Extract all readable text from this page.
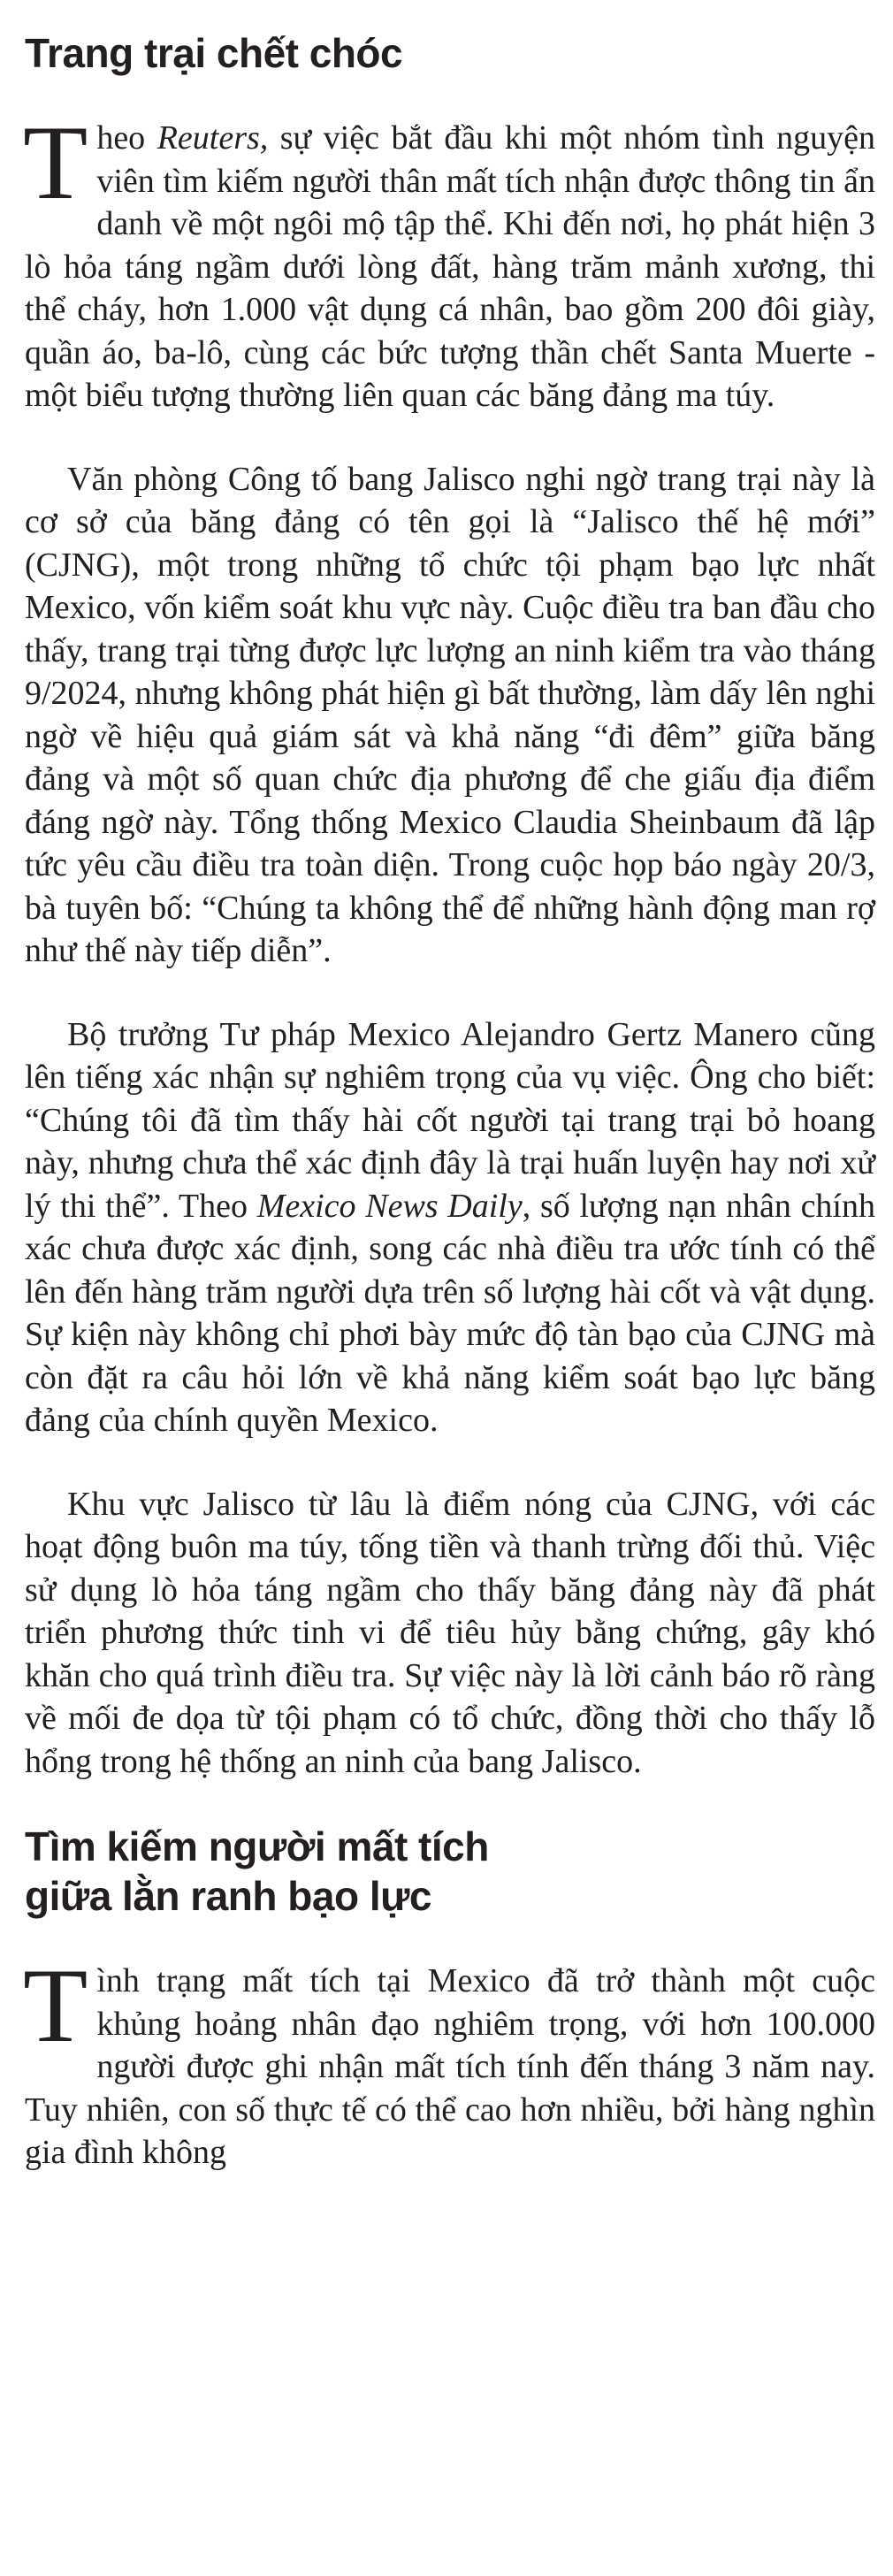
Trang trại chết chóc

Theo Reuters, sự việc bắt đầu khi một nhóm tình nguyện viên tìm kiếm người thân mất tích nhận được thông tin ẩn danh về một ngôi mộ tập thể. Khi đến nơi, họ phát hiện 3 lò hỏa táng ngầm dưới lòng đất, hàng trăm mảnh xương, thi thể cháy, hơn 1.000 vật dụng cá nhân, bao gồm 200 đôi giày, quần áo, ba-lô, cùng các bức tượng thần chết Santa Muerte - một biểu tượng thường liên quan các băng đảng ma túy.

Văn phòng Công tố bang Jalisco nghi ngờ trang trại này là cơ sở của băng đảng có tên gọi là “Jalisco thế hệ mới” (CJNG), một trong những tổ chức tội phạm bạo lực nhất Mexico, vốn kiểm soát khu vực này. Cuộc điều tra ban đầu cho thấy, trang trại từng được lực lượng an ninh kiểm tra vào tháng 9/2024, nhưng không phát hiện gì bất thường, làm dấy lên nghi ngờ về hiệu quả giám sát và khả năng “đi đêm” giữa băng đảng và một số quan chức địa phương để che giấu địa điểm đáng ngờ này. Tổng thống Mexico Claudia Sheinbaum đã lập tức yêu cầu điều tra toàn diện. Trong cuộc họp báo ngày 20/3, bà tuyên bố: “Chúng ta không thể để những hành động man rợ như thế này tiếp diễn”.

Bộ trưởng Tư pháp Mexico Alejandro Gertz Manero cũng lên tiếng xác nhận sự nghiêm trọng của vụ việc. Ông cho biết: “Chúng tôi đã tìm thấy hài cốt người tại trang trại bỏ hoang này, nhưng chưa thể xác định đây là trại huấn luyện hay nơi xử lý thi thể”. Theo Mexico News Daily, số lượng nạn nhân chính xác chưa được xác định, song các nhà điều tra ước tính có thể lên đến hàng trăm người dựa trên số lượng hài cốt và vật dụng. Sự kiện này không chỉ phơi bày mức độ tàn bạo của CJNG mà còn đặt ra câu hỏi lớn về khả năng kiểm soát bạo lực băng đảng của chính quyền Mexico.

Khu vực Jalisco từ lâu là điểm nóng của CJNG, với các hoạt động buôn ma túy, tống tiền và thanh trừng đối thủ. Việc sử dụng lò hỏa táng ngầm cho thấy băng đảng này đã phát triển phương thức tinh vi để tiêu hủy bằng chứng, gây khó khăn cho quá trình điều tra. Sự việc này là lời cảnh báo rõ ràng về mối đe dọa từ tội phạm có tổ chức, đồng thời cho thấy lỗ hổng trong hệ thống an ninh của bang Jalisco.

Tìm kiếm người mất tích
giữa lằn ranh bạo lực

Tình trạng mất tích tại Mexico đã trở thành một cuộc khủng hoảng nhân đạo nghiêm trọng, với hơn 100.000 người được ghi nhận mất tích tính đến tháng 3 năm nay. Tuy nhiên, con số thực tế có thể cao hơn nhiều, bởi hàng nghìn gia đình không
